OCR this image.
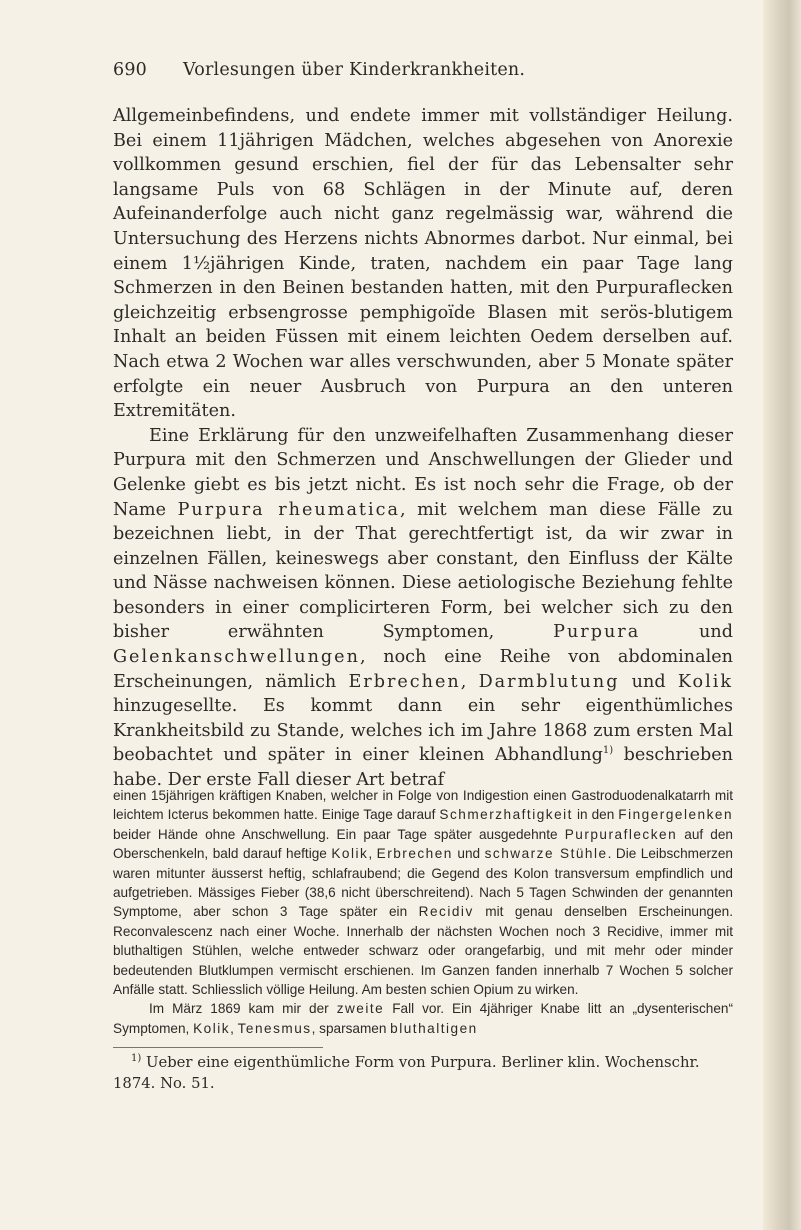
690 Vorlesungen über Kinderkrankheiten.

Allgemeinbefindens, und endete immer mit vollständiger Heilung. Bei einem 11jährigen Mädchen, welches abgesehen von Anorexie vollkommen gesund erschien, fiel der für das Lebensalter sehr langsame Puls von 68 Schlägen in der Minute auf, deren Aufeinanderfolge auch nicht ganz regelmässig war, während die Untersuchung des Herzens nichts Abnormes darbot. Nur einmal, bei einem 1½jährigen Kinde, traten, nachdem ein paar Tage lang Schmerzen in den Beinen bestanden hatten, mit den Purpuraflecken gleichzeitig erbsengrosse pemphigoïde Blasen mit serös-blutigem Inhalt an beiden Füssen mit einem leichten Oedem derselben auf. Nach etwa 2 Wochen war alles verschwunden, aber 5 Monate später erfolgte ein neuer Ausbruch von Purpura an den unteren Extremitäten.

Eine Erklärung für den unzweifelhaften Zusammenhang dieser Purpura mit den Schmerzen und Anschwellungen der Glieder und Gelenke giebt es bis jetzt nicht. Es ist noch sehr die Frage, ob der Name Purpura rheumatica, mit welchem man diese Fälle zu bezeichnen liebt, in der That gerechtfertigt ist, da wir zwar in einzelnen Fällen, keineswegs aber constant, den Einfluss der Kälte und Nässe nachweisen können. Diese aetiologische Beziehung fehlte besonders in einer complicirteren Form, bei welcher sich zu den bisher erwähnten Symptomen, Purpura und Gelenkanschwellungen, noch eine Reihe von abdominalen Erscheinungen, nämlich Erbrechen, Darmblutung und Kolik hinzugesellte. Es kommt dann ein sehr eigenthümliches Krankheitsbild zu Stande, welches ich im Jahre 1868 zum ersten Mal beobachtet und später in einer kleinen Abhandlung$^{1)}$ beschrieben habe. Der erste Fall dieser Art betraf

einen 15jährigen kräftigen Knaben, welcher in Folge von Indigestion einen Gastroduodenalkatarrh mit leichtem Icterus bekommen hatte. Einige Tage darauf Schmerzhaftigkeit in den Fingergelenken beider Hände ohne Anschwellung. Ein paar Tage später ausgedehnte Purpuraflecken auf den Oberschenkeln, bald darauf heftige Kolik, Erbrechen und schwarze Stühle. Die Leibschmerzen waren mitunter äusserst heftig, schlafraubend; die Gegend des Kolon transversum empfindlich und aufgetrieben. Mässiges Fieber (38,6 nicht überschreitend). Nach 5 Tagen Schwinden der genannten Symptome, aber schon 3 Tage später ein Recidiv mit genau denselben Erscheinungen. Reconvalescenz nach einer Woche. Innerhalb der nächsten Wochen noch 3 Recidive, immer mit bluthaltigen Stühlen, welche entweder schwarz oder orangefarbig, und mit mehr oder minder bedeutenden Blutklumpen vermischt erschienen. Im Ganzen fanden innerhalb 7 Wochen 5 solcher Anfälle statt. Schliesslich völlige Heilung. Am besten schien Opium zu wirken.

Im März 1869 kam mir der zweite Fall vor. Ein 4jähriger Knabe litt an „dysenterischen“ Symptomen, Kolik, Tenesmus, sparsamen bluthaltigen

$^{1)}$ Ueber eine eigenthümliche Form von Purpura. Berliner klin. Wochenschr. 1874. No. 51.
